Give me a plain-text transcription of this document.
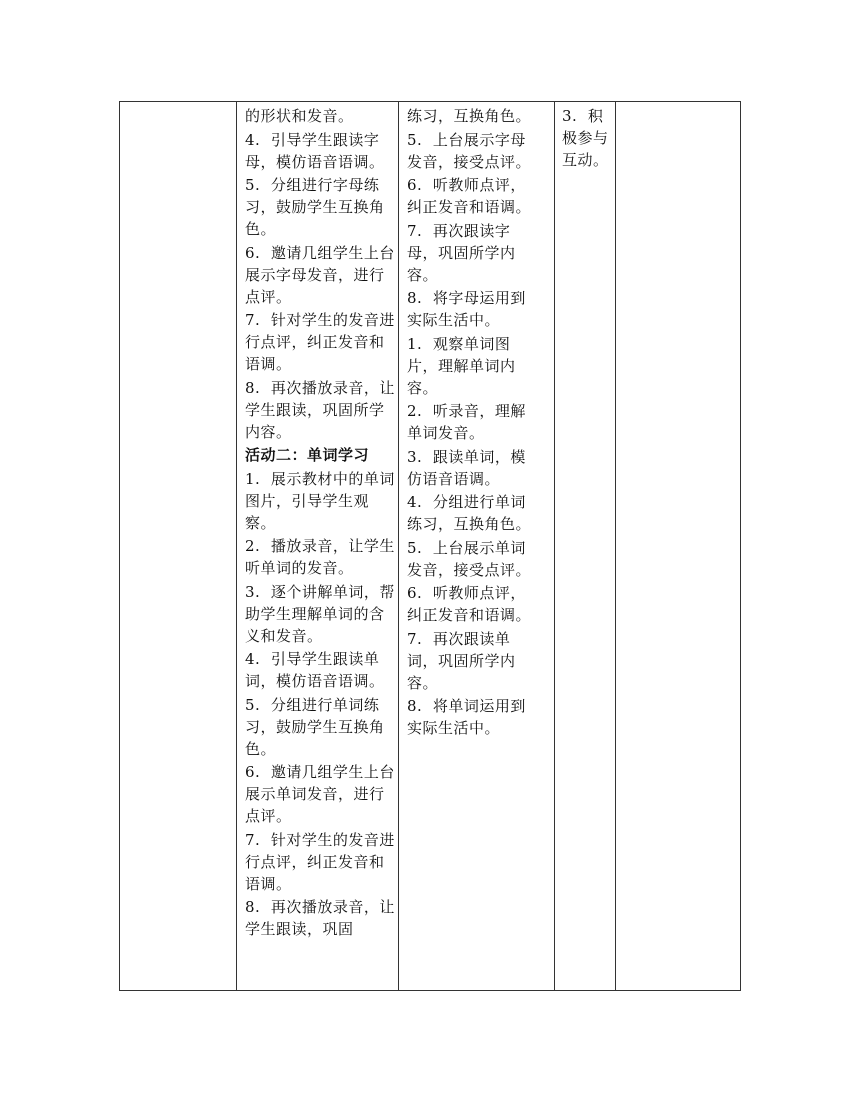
的形状和发音。
4.  引导学生跟读字母，模仿语音语调。
5.  分组进行字母练习，鼓励学生互换角色。
6.  邀请几组学生上台展示字母发音，进行点评。
7.  针对学生的发音进行点评，纠正发音和语调。
8.  再次播放录音，让学生跟读，巩固所学内容。
活动二：单词学习
1.  展示教材中的单词图片，引导学生观察。
2.  播放录音，让学生听单词的发音。
3.  逐个讲解单词，帮助学生理解单词的含义和发音。
4.  引导学生跟读单词，模仿语音语调。
5.  分组进行单词练习，鼓励学生互换角色。
6.  邀请几组学生上台展示单词发音，进行点评。
7.  针对学生的发音进行点评，纠正发音和语调。
8.  再次播放录音，让学生跟读，巩固
练习，互换角色。
5.  上台展示字母发音，接受点评。
6.  听教师点评，纠正发音和语调。
7.  再次跟读字母，巩固所学内容。
8.  将字母运用到实际生活中。
1.  观察单词图片，理解单词内容。
2.  听录音，理解单词发音。
3.  跟读单词，模仿语音语调。
4.  分组进行单词练习，互换角色。
5.  上台展示单词发音，接受点评。
6.  听教师点评，纠正发音和语调。
7.  再次跟读单词，巩固所学内容。
8.  将单词运用到实际生活中。
3.  积极参与互动。
